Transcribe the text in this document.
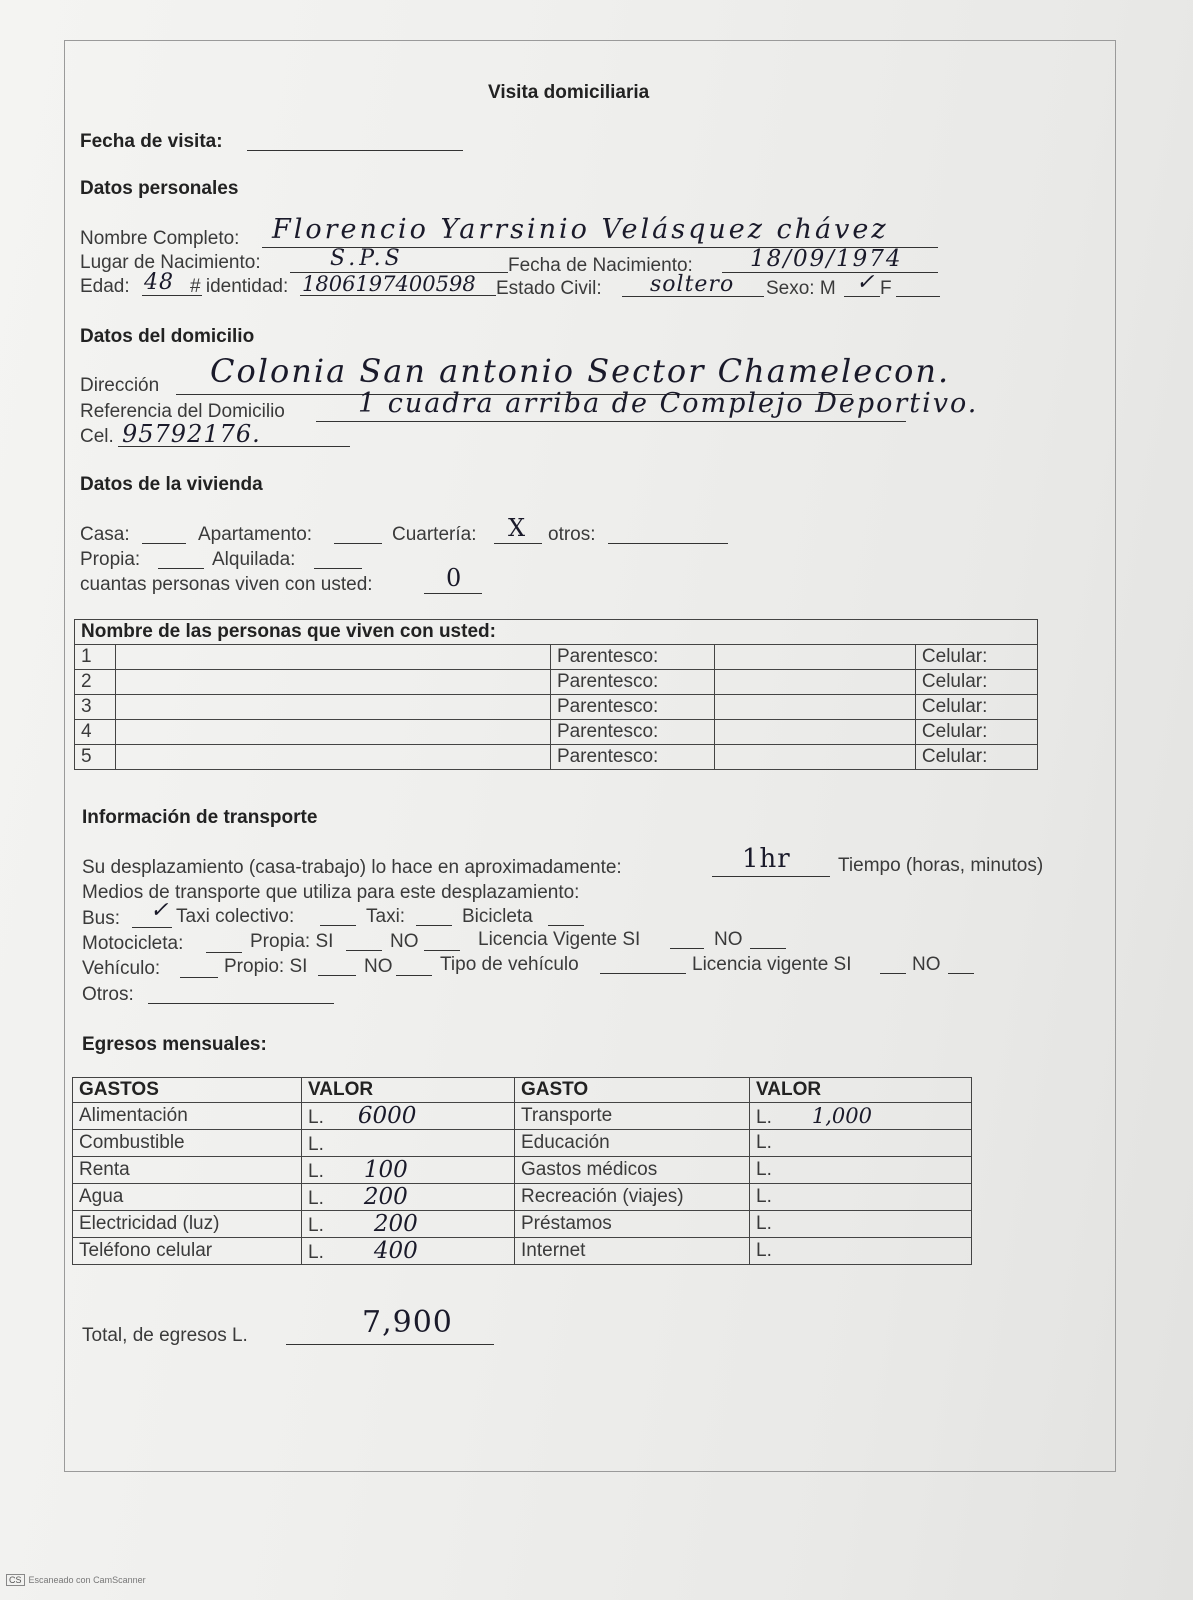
Visita domiciliaria
Fecha de visita:
Datos personales
Nombre Completo: Florencio Yarrsinio Velásquez chávez
Lugar de Nacimiento:	S.P.S	Fecha de Nacimiento: 18/09/1974
Edad: 48 # identidad: 1806197400598 Estado Civil: soltero Sexo: M ✓ F
Datos del domicilio
Dirección Colonia San antonio Sector Chamelecon.
Referencia del Domicilio	1 cuadra arriba de Complejo Deportivo.
Cel. 95792176.
Datos de la vivienda
Casa:	Apartamento:	Cuartería: X otros:
Propia:	Alquilada:
cuantas personas viven con usted:	0
Nombre de las personas que viven con usted:				
1		Parentesco:		Celular:
2		Parentesco:		Celular:
3		Parentesco:		Celular:
4		Parentesco:		Celular:
5		Parentesco:		Celular:
Información de transporte
Su desplazamiento (casa-trabajo) lo hace en aproximadamente:	1hr Tiempo (horas, minutos)
Medios de transporte que utiliza para este desplazamiento:
Bus: ✓ Taxi colectivo:	Taxi:	Bicicleta
Motocicleta:	Propia: SI	NO	Licencia Vigente SI	NO
Vehículo:	Propio: SI	NO	Tipo de vehículo	Licencia vigente SI	NO
Otros:
Egresos mensuales:
GASTOS	VALOR	GASTO	VALOR
Alimentación	L. 6000	Transporte	L. 1,000
Combustible	L.	Educación	L.
Renta	L. 100	Gastos médicos	L.
Agua	L. 200	Recreación (viajes)	L.
Electricidad (luz)	L. 200	Préstamos	L.
Teléfono celular	L. 400	Internet	L.
Total, de egresos L.	7,900
CS Escaneado con CamScanner
